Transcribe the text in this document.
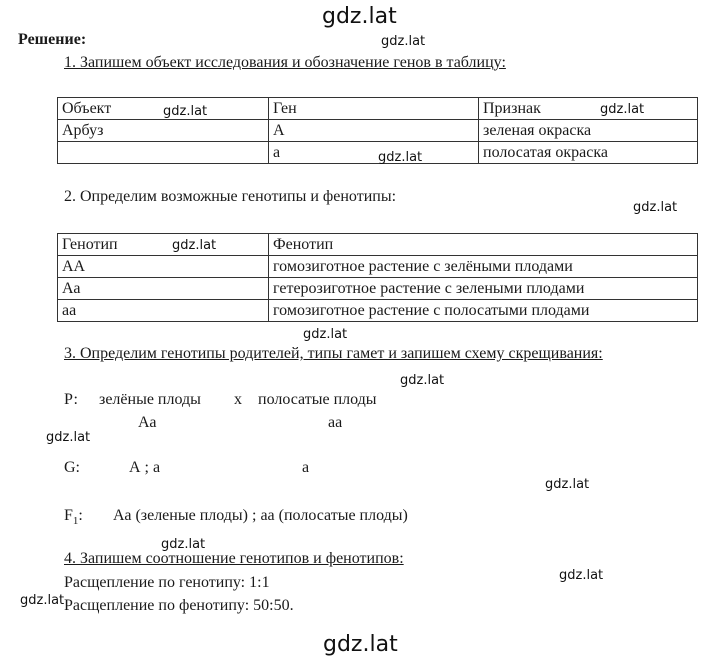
gdz.lat
Решение:	gdz.lat
1. Запишем объект исследования и обозначение генов в таблицу:
Объект	Ген	Признак
Арбуз	А	зеленая окраска
	а	полосатая окраска
gdz.lat	gdz.lat
gdz.lat
2. Определим возможные генотипы и фенотипы:
gdz.lat
Генотип	Фенотип
АА	гомозиготное растение с зелёными плодами
Аа	гетерозиготное растение с зелеными плодами
аа	гомозиготное растение с полосатыми плодами
gdz.lat
gdz.lat
3. Определим генотипы родителей, типы гамет и запишем схему скрещивания:
gdz.lat
Р: зелёные плоды х полосатые плоды
Аа	аа
gdz.lat
G:	А ; а	а
gdz.lat
$F_1$: Аа (зеленые плоды) ; аа (полосатые плоды)
gdz.lat
4. Запишем соотношение генотипов и фенотипов:
Расщепление по генотипу: 1:1	gdz.lat
gdz.lat Расщепление по фенотипу: 50:50.
gdz.lat
